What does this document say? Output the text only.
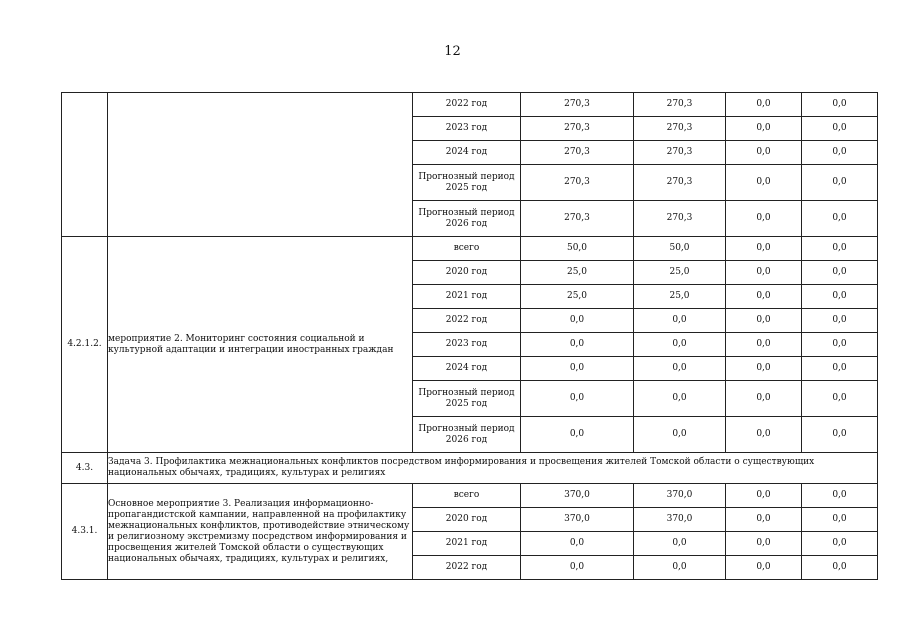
12
		2022 год	270,3	270,3	0,0	0,0
		2023 год	270,3	270,3	0,0	0,0
		2024 год	270,3	270,3	0,0	0,0
		Прогнозный период 2025 год	270,3	270,3	0,0	0,0
		Прогнозный период 2026 год	270,3	270,3	0,0	0,0
4.2.1.2.	мероприятие 2. Мониторинг состояния социальной и культурной адаптации и интеграции иностранных граждан	всего	50,0	50,0	0,0	0,0
		2020 год	25,0	25,0	0,0	0,0
		2021 год	25,0	25,0	0,0	0,0
		2022 год	0,0	0,0	0,0	0,0
		2023 год	0,0	0,0	0,0	0,0
		2024 год	0,0	0,0	0,0	0,0
		Прогнозный период 2025 год	0,0	0,0	0,0	0,0
		Прогнозный период 2026 год	0,0	0,0	0,0	0,0
4.3.	Задача 3. Профилактика межнациональных конфликтов посредством информирования и просвещения жителей Томской области о существующих национальных обычаях, традициях, культурах и религиях					
4.3.1.	Основное мероприятие 3. Реализация информационно-пропагандистской кампании, направленной на профилактику межнациональных конфликтов, противодействие этническому и религиозному экстремизму посредством информирования и просвещения жителей Томской области о существующих национальных обычаях, традициях, культурах и религиях,	всего	370,0	370,0	0,0	0,0
		2020 год	370,0	370,0	0,0	0,0
		2021 год	0,0	0,0	0,0	0,0
		2022 год	0,0	0,0	0,0	0,0
